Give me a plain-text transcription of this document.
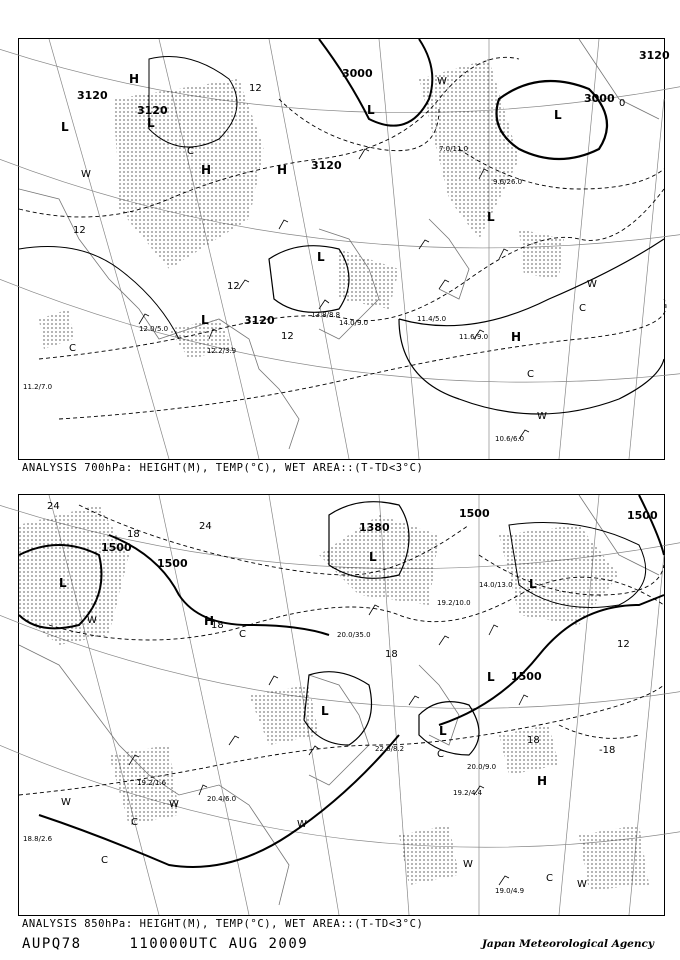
3120
3120
3120
3120
3000
3000
3120
L	L
H
H	H
L	L
L
H
L
L
12
12
12
12
0
W
W
W
W
C
C
C
C
12.0/5.0
12.2/3.9
11.4/5.0
14.0/9.0
11.6/9.0
10.6/6.0
13.8/8.8
9.6/26.0
7.0/11.0
11.2/7.0
ANALYSIS 700hPa: HEIGHT(M), TEMP(°C), WET AREA::(T-TD<3°C)
1500
1500
1500	1500
1500
1380
L
L
H
L
L
L
L
H
24
24
18
18
18
12
-18
18
W
W	W
W
W
W
C
C
C
C
C
19.0/4.9
20.0/9.0
19.2/4.4
20.4/6.0
18.8/2.6
19.2/1.6
14.0/13.0
19.2/10.0
20.0/35.0
22.6/8.2
ANALYSIS 850hPa: HEIGHT(M), TEMP(°C), WET AREA::(T-TD<3°C)
AUPQ78	110000UTC AUG 2009	Japan Meteorological Agency
